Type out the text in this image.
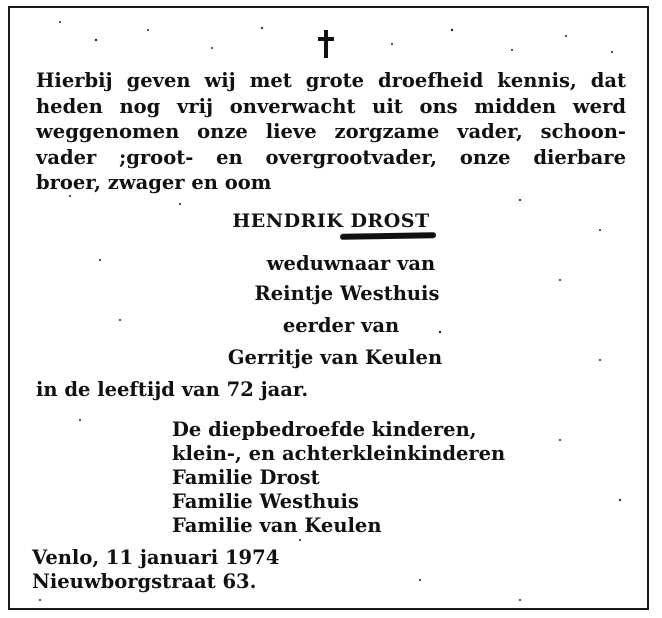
Hierbij geven wij met grote droefheid kennis, dat
heden nog vrij onverwacht uit ons midden werd
weggenomen onze lieve zorgzame vader, schoon-
vader ;groot- en overgrootvader, onze dierbare
broer, zwager en oom
HENDRIK DROST
weduwnaar van
Reintje Westhuis
eerder van
Gerritje van Keulen
in de leeftijd van 72 jaar.
De diepbedroefde kinderen,
klein-, en achterkleinkinderen
Familie Drost
Familie Westhuis
Familie van Keulen
Venlo, 11 januari 1974
Nieuwborgstraat 63.
